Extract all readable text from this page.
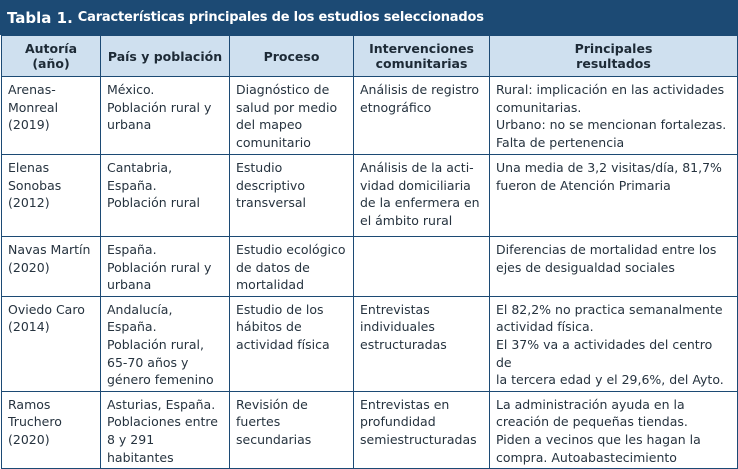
Tabla 1. Características principales de los estudios seleccionados
Autoría
(año)	País y población	Proceso	Intervenciones
comunitarias	Principales
resultados

Arenas-
Monreal
(2019)	México.
Población rural y
urbana	Diagnóstico de
salud por medio
del mapeo
comunitario	Análisis de registro
etnográfico	Rural: implicación en las actividades
comunitarias.
Urbano: no se mencionan fortalezas.
Falta de pertenencia

Elenas
Sonobas
(2012)	Cantabria, España.
Población rural	Estudio
descriptivo
transversal	Análisis de la acti-
vidad domiciliaria
de la enfermera en
el ámbito rural	Una media de 3,2 visitas/día, 81,7%
fueron de Atención Primaria

Navas Martín
(2020)	España.
Población rural y
urbana	Estudio ecológico
de datos de
mortalidad		Diferencias de mortalidad entre los
ejes de desigualdad sociales

Oviedo Caro
(2014)	Andalucía, España.
Población rural,
65-70 años y
género femenino	Estudio de los
hábitos de
actividad física	Entrevistas
individuales
estructuradas	El 82,2% no practica semanalmente
actividad física.
El 37% va a actividades del centro de
la tercera edad y el 29,6%, del Ayto.

Ramos
Truchero
(2020)	Asturias, España.
Poblaciones entre
8 y 291 habitantes	Revisión de
fuertes
secundarias	Entrevistas en
profundidad
semiestructuradas	La administración ayuda en la
creación de pequeñas tiendas.
Piden a vecinos que les hagan la
compra. Autoabastecimiento
